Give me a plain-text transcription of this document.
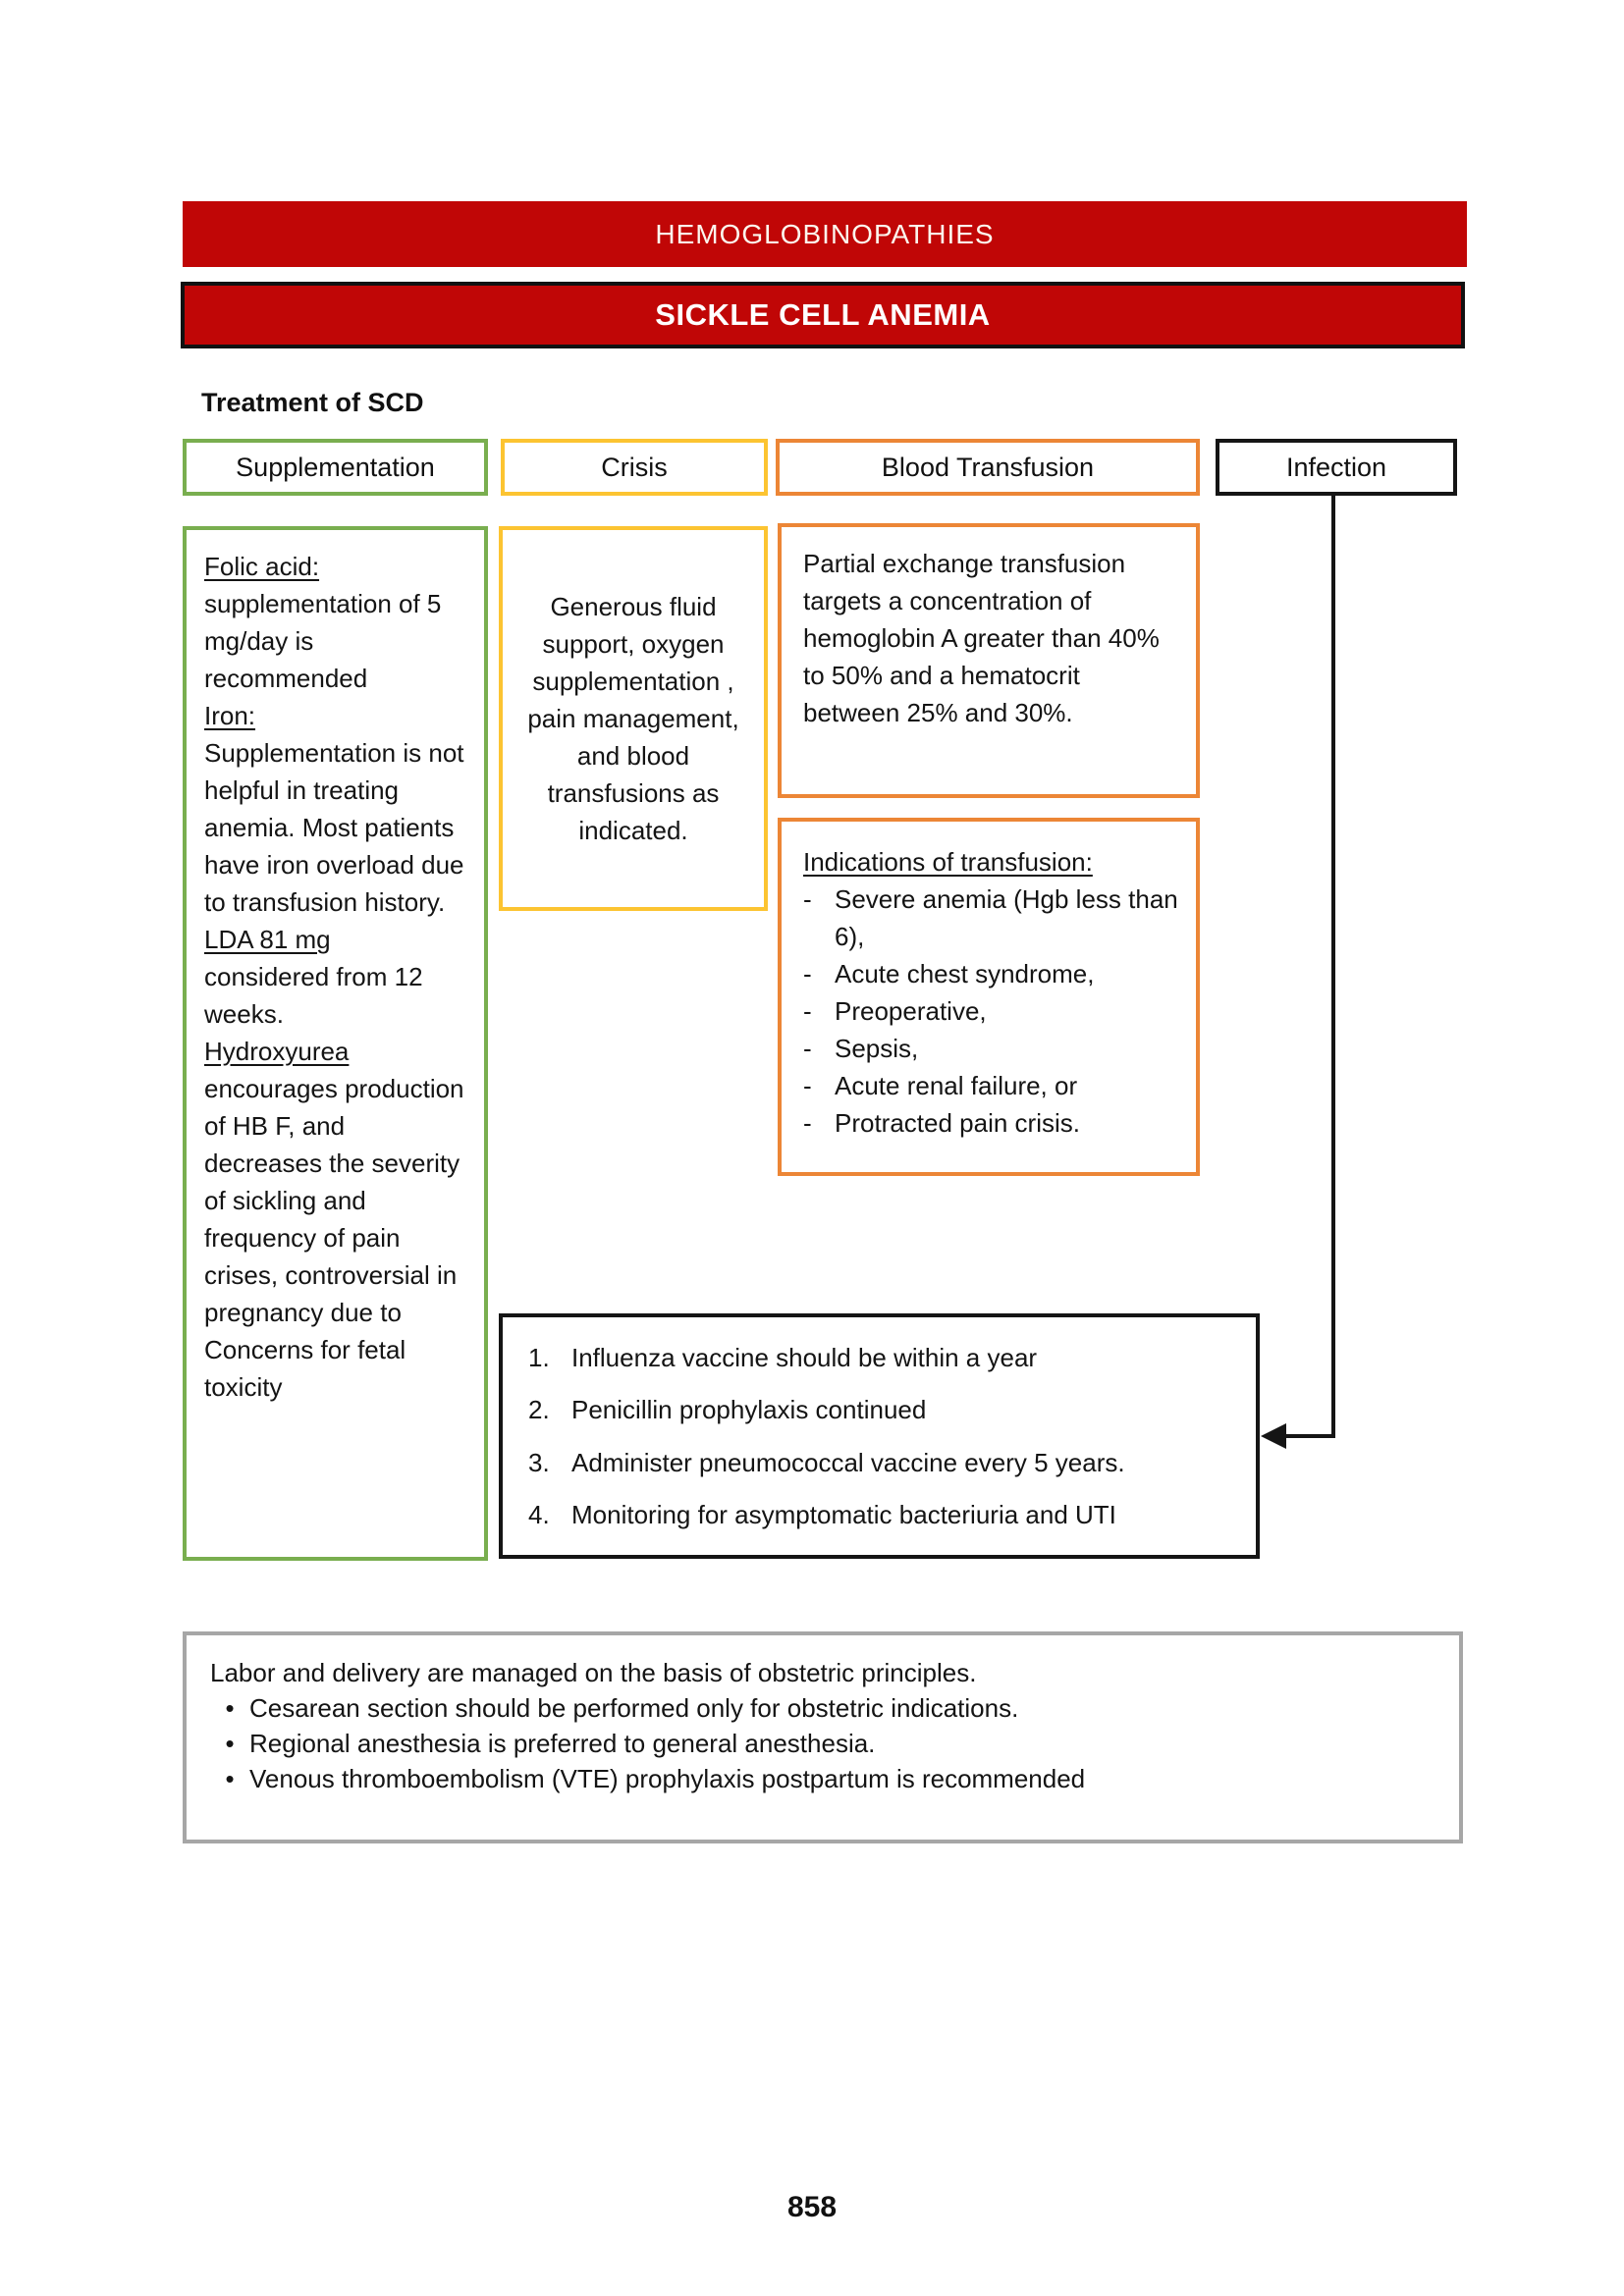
HEMOGLOBINOPATHIES
SICKLE CELL ANEMIA
Treatment of SCD
Supplementation	Crisis	Blood Transfusion	Infection
Folic acid:
supplementation of 5 mg/day is recommended
Iron:
Supplementation is not helpful in treating anemia. Most patients have iron overload due to transfusion history.
LDA 81 mg
considered from 12 weeks.
Hydroxyurea
encourages production of HB F, and decreases the severity of sickling and frequency of pain crises, controversial in pregnancy due to Concerns for fetal toxicity
Generous fluid support, oxygen supplementation , pain management, and blood transfusions as indicated.
Partial exchange transfusion targets a concentration of hemoglobin A greater than 40% to 50% and a hematocrit between 25% and 30%.
Indications of transfusion:
- Severe anemia (Hgb less than 6),
- Acute chest syndrome,
- Preoperative,
- Sepsis,
- Acute renal failure, or
- Protracted pain crisis.
1. Influenza vaccine should be within a year
2. Penicillin prophylaxis continued
3. Administer pneumococcal vaccine every 5 years.
4. Monitoring for asymptomatic bacteriuria and UTI
Labor and delivery are managed on the basis of obstetric principles.
• Cesarean section should be performed only for obstetric indications.
• Regional anesthesia is preferred to general anesthesia.
• Venous thromboembolism (VTE) prophylaxis postpartum is recommended
858
